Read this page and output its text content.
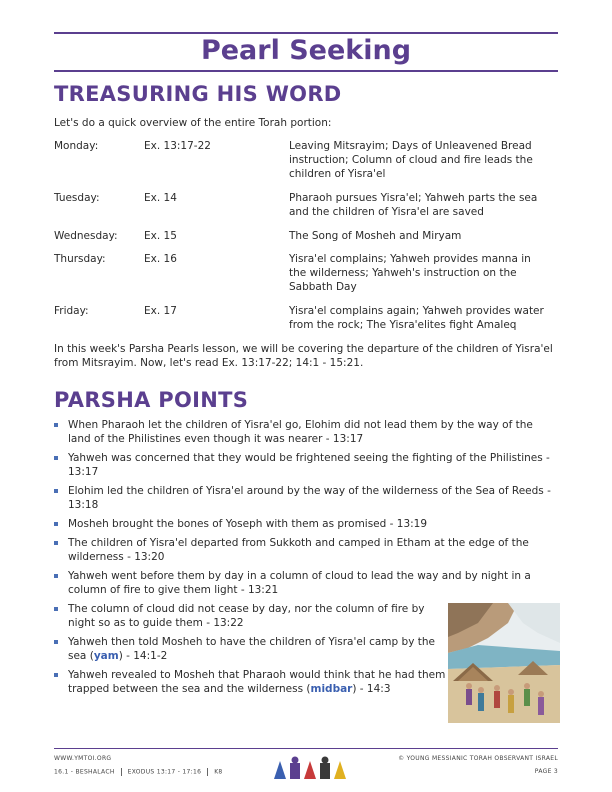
Pearl Seeking
TREASURING HIS WORD
Let's do a quick overview of the entire Torah portion:
Monday:	Ex. 13:17-22	Leaving Mitsrayim; Days of Unleavened Bread instruction; Column of cloud and fire leads the children of Yisra'el
Tuesday:	Ex. 14	Pharaoh pursues Yisra'el; Yahweh parts the sea and the children of Yisra'el are saved
Wednesday:	Ex. 15	The Song of Mosheh and Miryam
Thursday:	Ex. 16	Yisra'el complains; Yahweh provides manna in the wilderness; Yahweh's instruction on the Sabbath Day
Friday:	Ex. 17	Yisra'el complains again; Yahweh provides water from the rock; The Yisra'elites fight Amaleq
In this week's Parsha Pearls lesson, we will be covering the departure of the children of Yisra'el from Mitsrayim. Now, let's read Ex. 13:17-22; 14:1 - 15:21.
PARSHA POINTS
When Pharaoh let the children of Yisra'el go, Elohim did not lead them by the way of the land of the Philistines even though it was nearer - 13:17
Yahweh was concerned that they would be frightened seeing the fighting of the Philistines - 13:17
Elohim led the children of Yisra'el around by the way of the wilderness of the Sea of Reeds - 13:18
Mosheh brought the bones of Yoseph with them as promised - 13:19
The children of Yisra'el departed from Sukkoth and camped in Etham at the edge of the wilderness - 13:20
Yahweh went before them by day in a column of cloud to lead the way and by night in a column of fire to give them light - 13:21
The column of cloud did not cease by day, nor the column of fire by night so as to guide them - 13:22
Yahweh then told Mosheh to have the children of Yisra'el camp by the sea (yam) - 14:1-2
Yahweh revealed to Mosheh that Pharaoh would think that he had them trapped between the sea and the wilderness (midbar) - 14:3
WWW.YMTOI.ORG
16.1 - BESHALACH EXODUS 13:17 - 17:16 K8
© YOUNG MESSIANIC TORAH OBSERVANT ISRAEL
PAGE 3
